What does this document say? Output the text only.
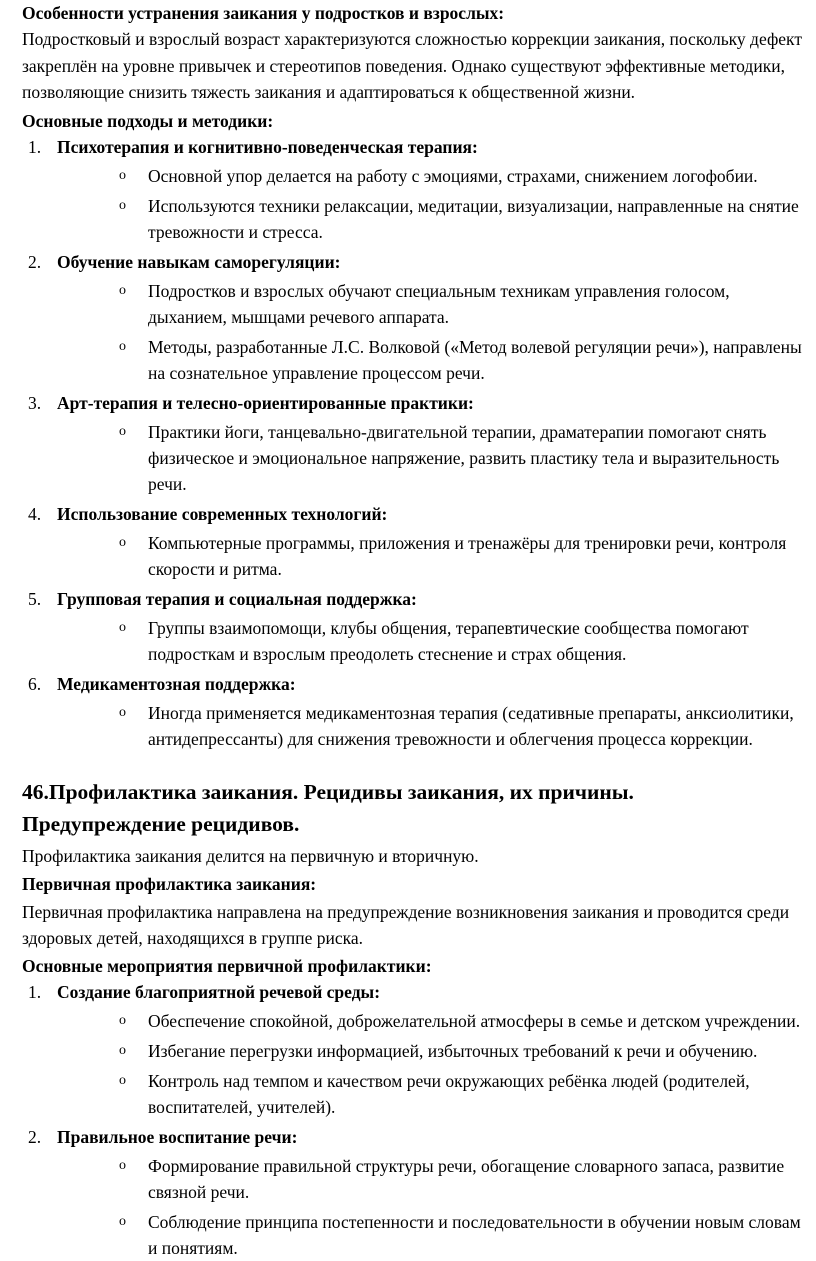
Особенности устранения заикания у подростков и взрослых:

Подростковый и взрослый возраст характеризуются сложностью коррекции заикания, поскольку дефект закреплён на уровне привычек и стереотипов поведения. Однако существуют эффективные методики, позволяющие снизить тяжесть заикания и адаптироваться к общественной жизни.

Основные подходы и методики:

1. Психотерапия и когнитивно-поведенческая терапия:
o Основной упор делается на работу с эмоциями, страхами, снижением логофобии.
o Используются техники релаксации, медитации, визуализации, направленные на снятие тревожности и стресса.
2. Обучение навыкам саморегуляции:
o Подростков и взрослых обучают специальным техникам управления голосом, дыханием, мышцами речевого аппарата.
o Методы, разработанные Л.С. Волковой («Метод волевой регуляции речи»), направлены на сознательное управление процессом речи.
3. Арт-терапия и телесно-ориентированные практики:
o Практики йоги, танцевально-двигательной терапии, драматерапии помогают снять физическое и эмоциональное напряжение, развить пластику тела и выразительность речи.
4. Использование современных технологий:
o Компьютерные программы, приложения и тренажёры для тренировки речи, контроля скорости и ритма.
5. Групповая терапия и социальная поддержка:
o Группы взаимопомощи, клубы общения, терапевтические сообщества помогают подросткам и взрослым преодолеть стеснение и страх общения.
6. Медикаментозная поддержка:
o Иногда применяется медикаментозная терапия (седативные препараты, анксиолитики, антидепрессанты) для снижения тревожности и облегчения процесса коррекции.

46.Профилактика заикания. Рецидивы заикания, их причины. Предупреждение рецидивов.

Профилактика заикания делится на первичную и вторичную.

Первичная профилактика заикания:

Первичная профилактика направлена на предупреждение возникновения заикания и проводится среди здоровых детей, находящихся в группе риска.

Основные мероприятия первичной профилактики:

1. Создание благоприятной речевой среды:
o Обеспечение спокойной, доброжелательной атмосферы в семье и детском учреждении.
o Избегание перегрузки информацией, избыточных требований к речи и обучению.
o Контроль над темпом и качеством речи окружающих ребёнка людей (родителей, воспитателей, учителей).
2. Правильное воспитание речи:
o Формирование правильной структуры речи, обогащение словарного запаса, развитие связной речи.
o Соблюдение принципа постепенности и последовательности в обучении новым словам и понятиям.
